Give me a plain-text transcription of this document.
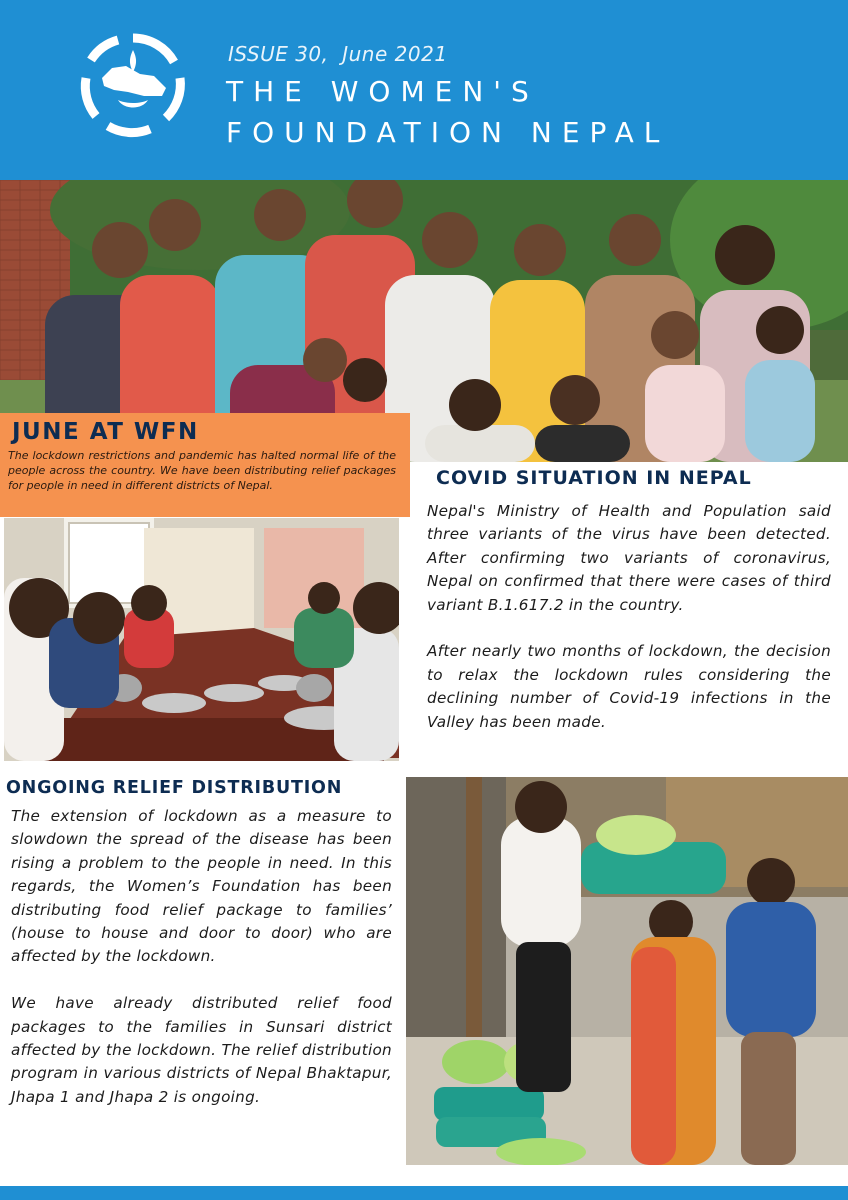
ISSUE 30,  June 2021
THE WOMEN'S
FOUNDATION NEPAL
JUNE AT WFN
The lockdown restrictions and pandemic has halted normal life of the people across the country. We have been distributing relief packages for people in need in different districts of Nepal.	COVID SITUATION IN NEPAL

Nepal's Ministry of Health and Population said three variants of the virus have been detected. After confirming two variants of coronavirus, Nepal on confirmed that there were cases of third variant B.1.617.2 in the country.

After nearly two months of lockdown, the decision to relax the lockdown rules considering the declining number of Covid-19 infections in the Valley has been made.

ONGOING RELIEF DISTRIBUTION

The extension of lockdown as a measure to slowdown the spread of the disease has been rising a problem to the people in need. In this regards, the Women’s Foundation has been distributing food relief package to families’ (house to house and door to door) who are affected by the lockdown.

We have already distributed relief food packages to the families in Sunsari district affected by the lockdown. The relief distribution program in various districts of Nepal Bhaktapur, Jhapa 1 and Jhapa 2 is ongoing.
